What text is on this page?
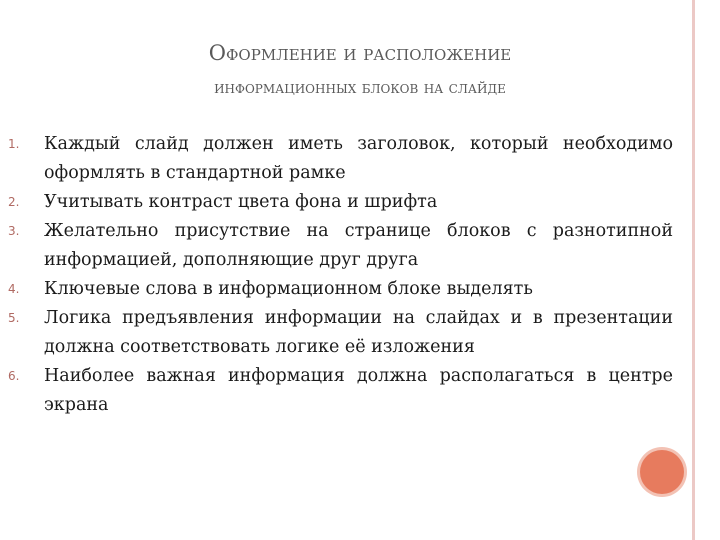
Оформление и расположение
информационных блоков на слайде
1.	Каждый слайд должен иметь заголовок, который необходимо оформлять в стандартной рамке
2.	Учитывать контраст цвета фона и шрифта
3.	Желательно присутствие на странице блоков с разнотипной информацией, дополняющие друг друга
4.	Ключевые слова в информационном блоке выделять
5.	Логика предъявления информации на слайдах и в презентации должна соответствовать логике её изложения
6.	Наиболее важная информация должна располагаться в центре экрана
